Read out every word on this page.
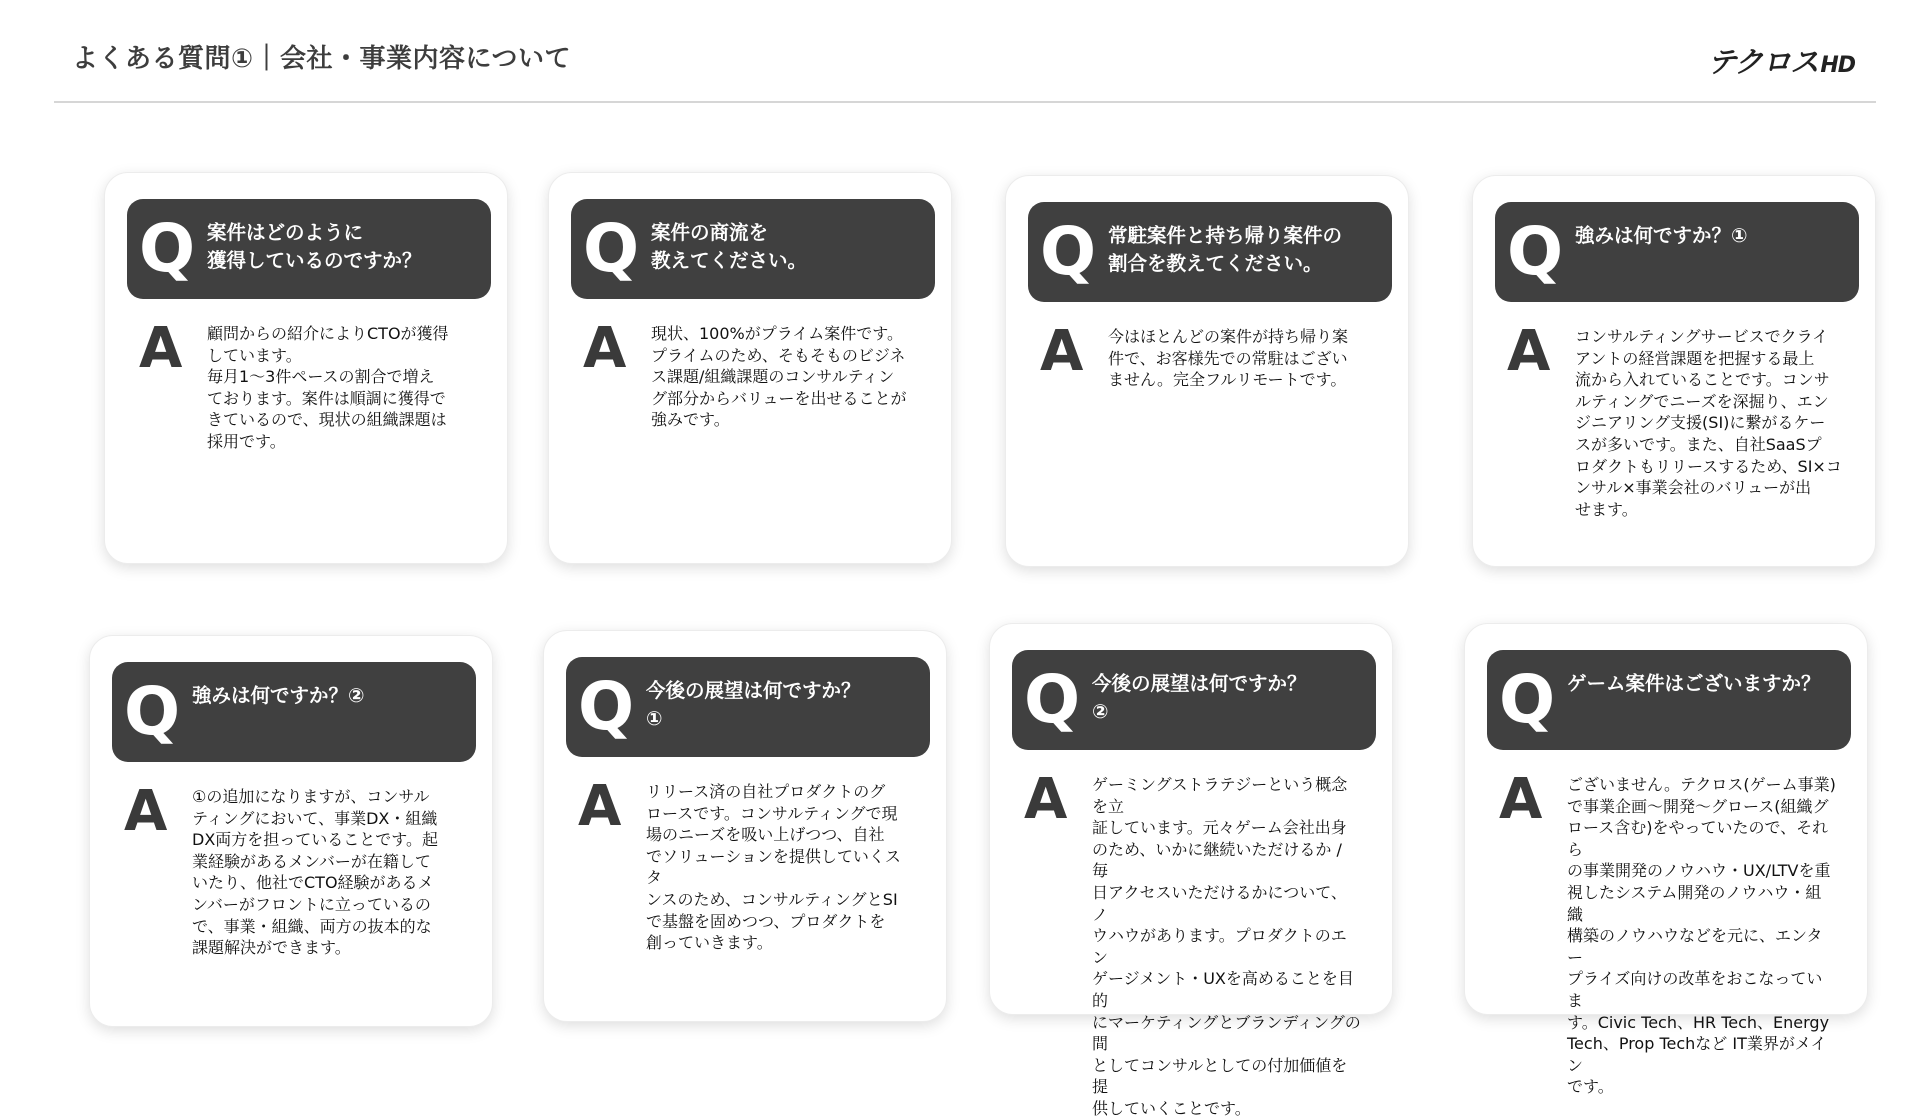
よくある質問①｜会社・事業内容について	テクロスHD
Q 案件はどのように
獲得しているのですか？
A 顧問からの紹介によりCTOが獲得
しています。
毎月1～3件ペースの割合で増え
ております。案件は順調に獲得で
きているので、現状の組織課題は
採用です。
Q 案件の商流を
教えてください。
A 現状、100%がプライム案件です。
プライムのため、そもそものビジネ
ス課題/組織課題のコンサルティン
グ部分からバリューを出せることが
強みです。
Q 常駐案件と持ち帰り案件の
割合を教えてください。
A 今はほとんどの案件が持ち帰り案
件で、お客様先での常駐はござい
ません。完全フルリモートです。
Q 強みは何ですか？①
A コンサルティングサービスでクライ
アントの経営課題を把握する最上
流から入れていることです。コンサ
ルティングでニーズを深掘り、エン
ジニアリング支援(SI)に繋がるケー
スが多いです。また、自社SaaSプ
ロダクトもリリースするため、SI×コ
ンサル×事業会社のバリューが出
せます。
Q 強みは何ですか？②
A ①の追加になりますが、コンサル
ティングにおいて、事業DX・組織
DX両方を担っていることです。起
業経験があるメンバーが在籍して
いたり、他社でCTO経験があるメ
ンバーがフロントに立っているの
で、事業・組織、両方の抜本的な
課題解決ができます。
Q 今後の展望は何ですか？
①
A リリース済の自社プロダクトのグ
ロースです。コンサルティングで現
場のニーズを吸い上げつつ、自社
でソリューションを提供していくスタ
ンスのため、コンサルティングとSI
で基盤を固めつつ、プロダクトを
創っていきます。
Q 今後の展望は何ですか？
②
A ゲーミングストラテジーという概念を立
証しています。元々ゲーム会社出身
のため、いかに継続いただけるか / 毎
日アクセスいただけるかについて、ノ
ウハウがあります。プロダクトのエン
ゲージメント・UXを高めることを目的
にマーケティングとブランディングの間
としてコンサルとしての付加価値を提
供していくことです。
Q ゲーム案件はございますか？
A ございません。テクロス(ゲーム事業)
で事業企画～開発～グロース(組織グ
ロース含む)をやっていたので、それら
の事業開発のノウハウ・UX/LTVを重
視したシステム開発のノウハウ・組織
構築のノウハウなどを元に、エンター
プライズ向けの改革をおこなっていま
す。Civic Tech、HR Tech、Energy
Tech、Prop Techなど IT業界がメイン
です。
